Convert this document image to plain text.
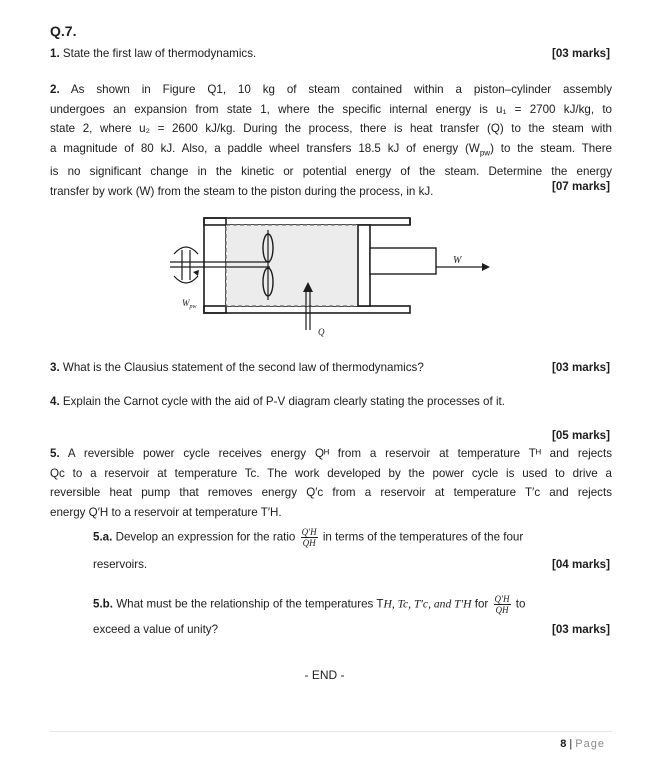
Q.7.
1. State the first law of thermodynamics.	[03 marks]
2. As shown in Figure Q1, 10 kg of steam contained within a piston–cylinder assembly
undergoes an expansion from state 1, where the specific internal energy is u₁ = 2700 kJ/kg, to
state 2, where u₂ = 2600 kJ/kg. During the process, there is heat transfer (Q) to the steam with
a magnitude of 80 kJ. Also, a paddle wheel transfers 18.5 kJ of energy $(W_{pw})$ to the steam. There
is no significant change in the kinetic or potential energy of the steam. Determine the energy
transfer by work (W) from the steam to the piston during the process, in kJ.	[07 marks]
W
$W_{pw}$
Q
3. What is the Clausius statement of the second law of thermodynamics?	[03 marks]
4. Explain the Carnot cycle with the aid of P-V diagram clearly stating the processes of it.
[05 marks]
5. A reversible power cycle receives energy Qᴴ from a reservoir at temperature Tᴴ and rejects
Qc to a reservoir at temperature Tc. The work developed by the power cycle is used to drive a
reversible heat pump that removes energy Q′c from a reservoir at temperature T′c and rejects
energy Q′H to a reservoir at temperature T′H.
5.a. Develop an expression for the ratio $\frac{Q'H}{QH}$ in terms of the temperatures of the four
reservoirs.	[04 marks]
5.b. What must be the relationship of the temperatures TH, Tc, T′c, and T′H for $\frac{Q'H}{QH}$ to
exceed a value of unity?	[03 marks]
- END -
8 | Page
